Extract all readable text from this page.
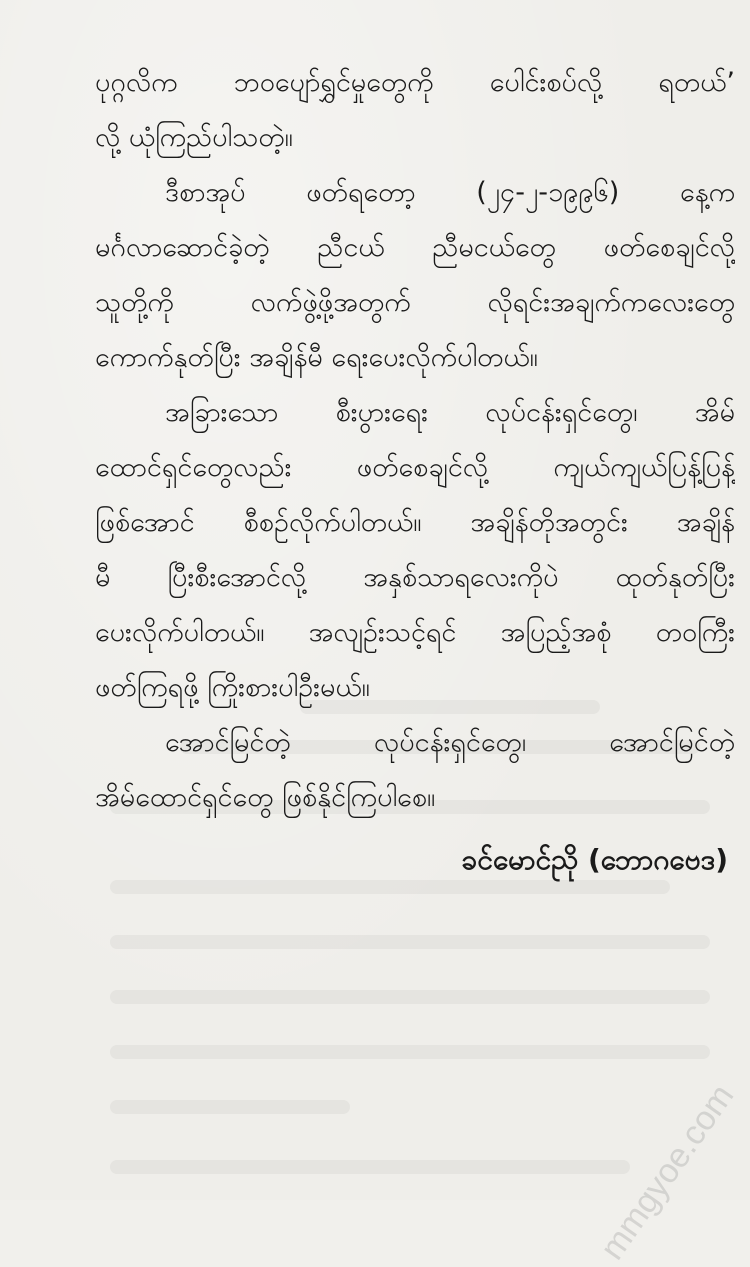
ပုဂ္ဂလိက ဘဝပျော်ရွှင်မှုတွေကို ပေါင်းစပ်လို့ ရတယ်’
လို့ ယုံကြည်ပါသတဲ့။
ဒီစာအုပ် ဖတ်ရတော့ (၂၄-၂-၁၉၉၆) နေ့က
မင်္ဂလာဆောင်ခဲ့တဲ့ ညီငယ် ညီမငယ်တွေ ဖတ်စေချင်လို့
သူတို့ကို လက်ဖွဲ့ဖို့အတွက် လိုရင်းအချက်ကလေးတွေ
ကောက်နုတ်ပြီး အချိန်မီ ရေးပေးလိုက်ပါတယ်။
အခြားသော စီးပွားရေး လုပ်ငန်းရှင်တွေ၊ အိမ်
ထောင်ရှင်တွေလည်း ဖတ်စေချင်လို့ ကျယ်ကျယ်ပြန့်ပြန့်
ဖြစ်အောင် စီစဉ်လိုက်ပါတယ်။ အချိန်တိုအတွင်း အချိန်
မီ ပြီးစီးအောင်လို့ အနှစ်သာရလေးကိုပဲ ထုတ်နုတ်ပြီး
ပေးလိုက်ပါတယ်။ အလျဉ်းသင့်ရင် အပြည့်အစုံ တဝကြီး
ဖတ်ကြရဖို့ ကြိုးစားပါဦးမယ်။
အောင်မြင်တဲ့ လုပ်ငန်းရှင်တွေ၊ အောင်မြင်တဲ့
အိမ်ထောင်ရှင်တွေ ဖြစ်နိုင်ကြပါစေ။
ခင်မောင်ညို (ဘောဂဗေဒ)
mmgyoe.com
